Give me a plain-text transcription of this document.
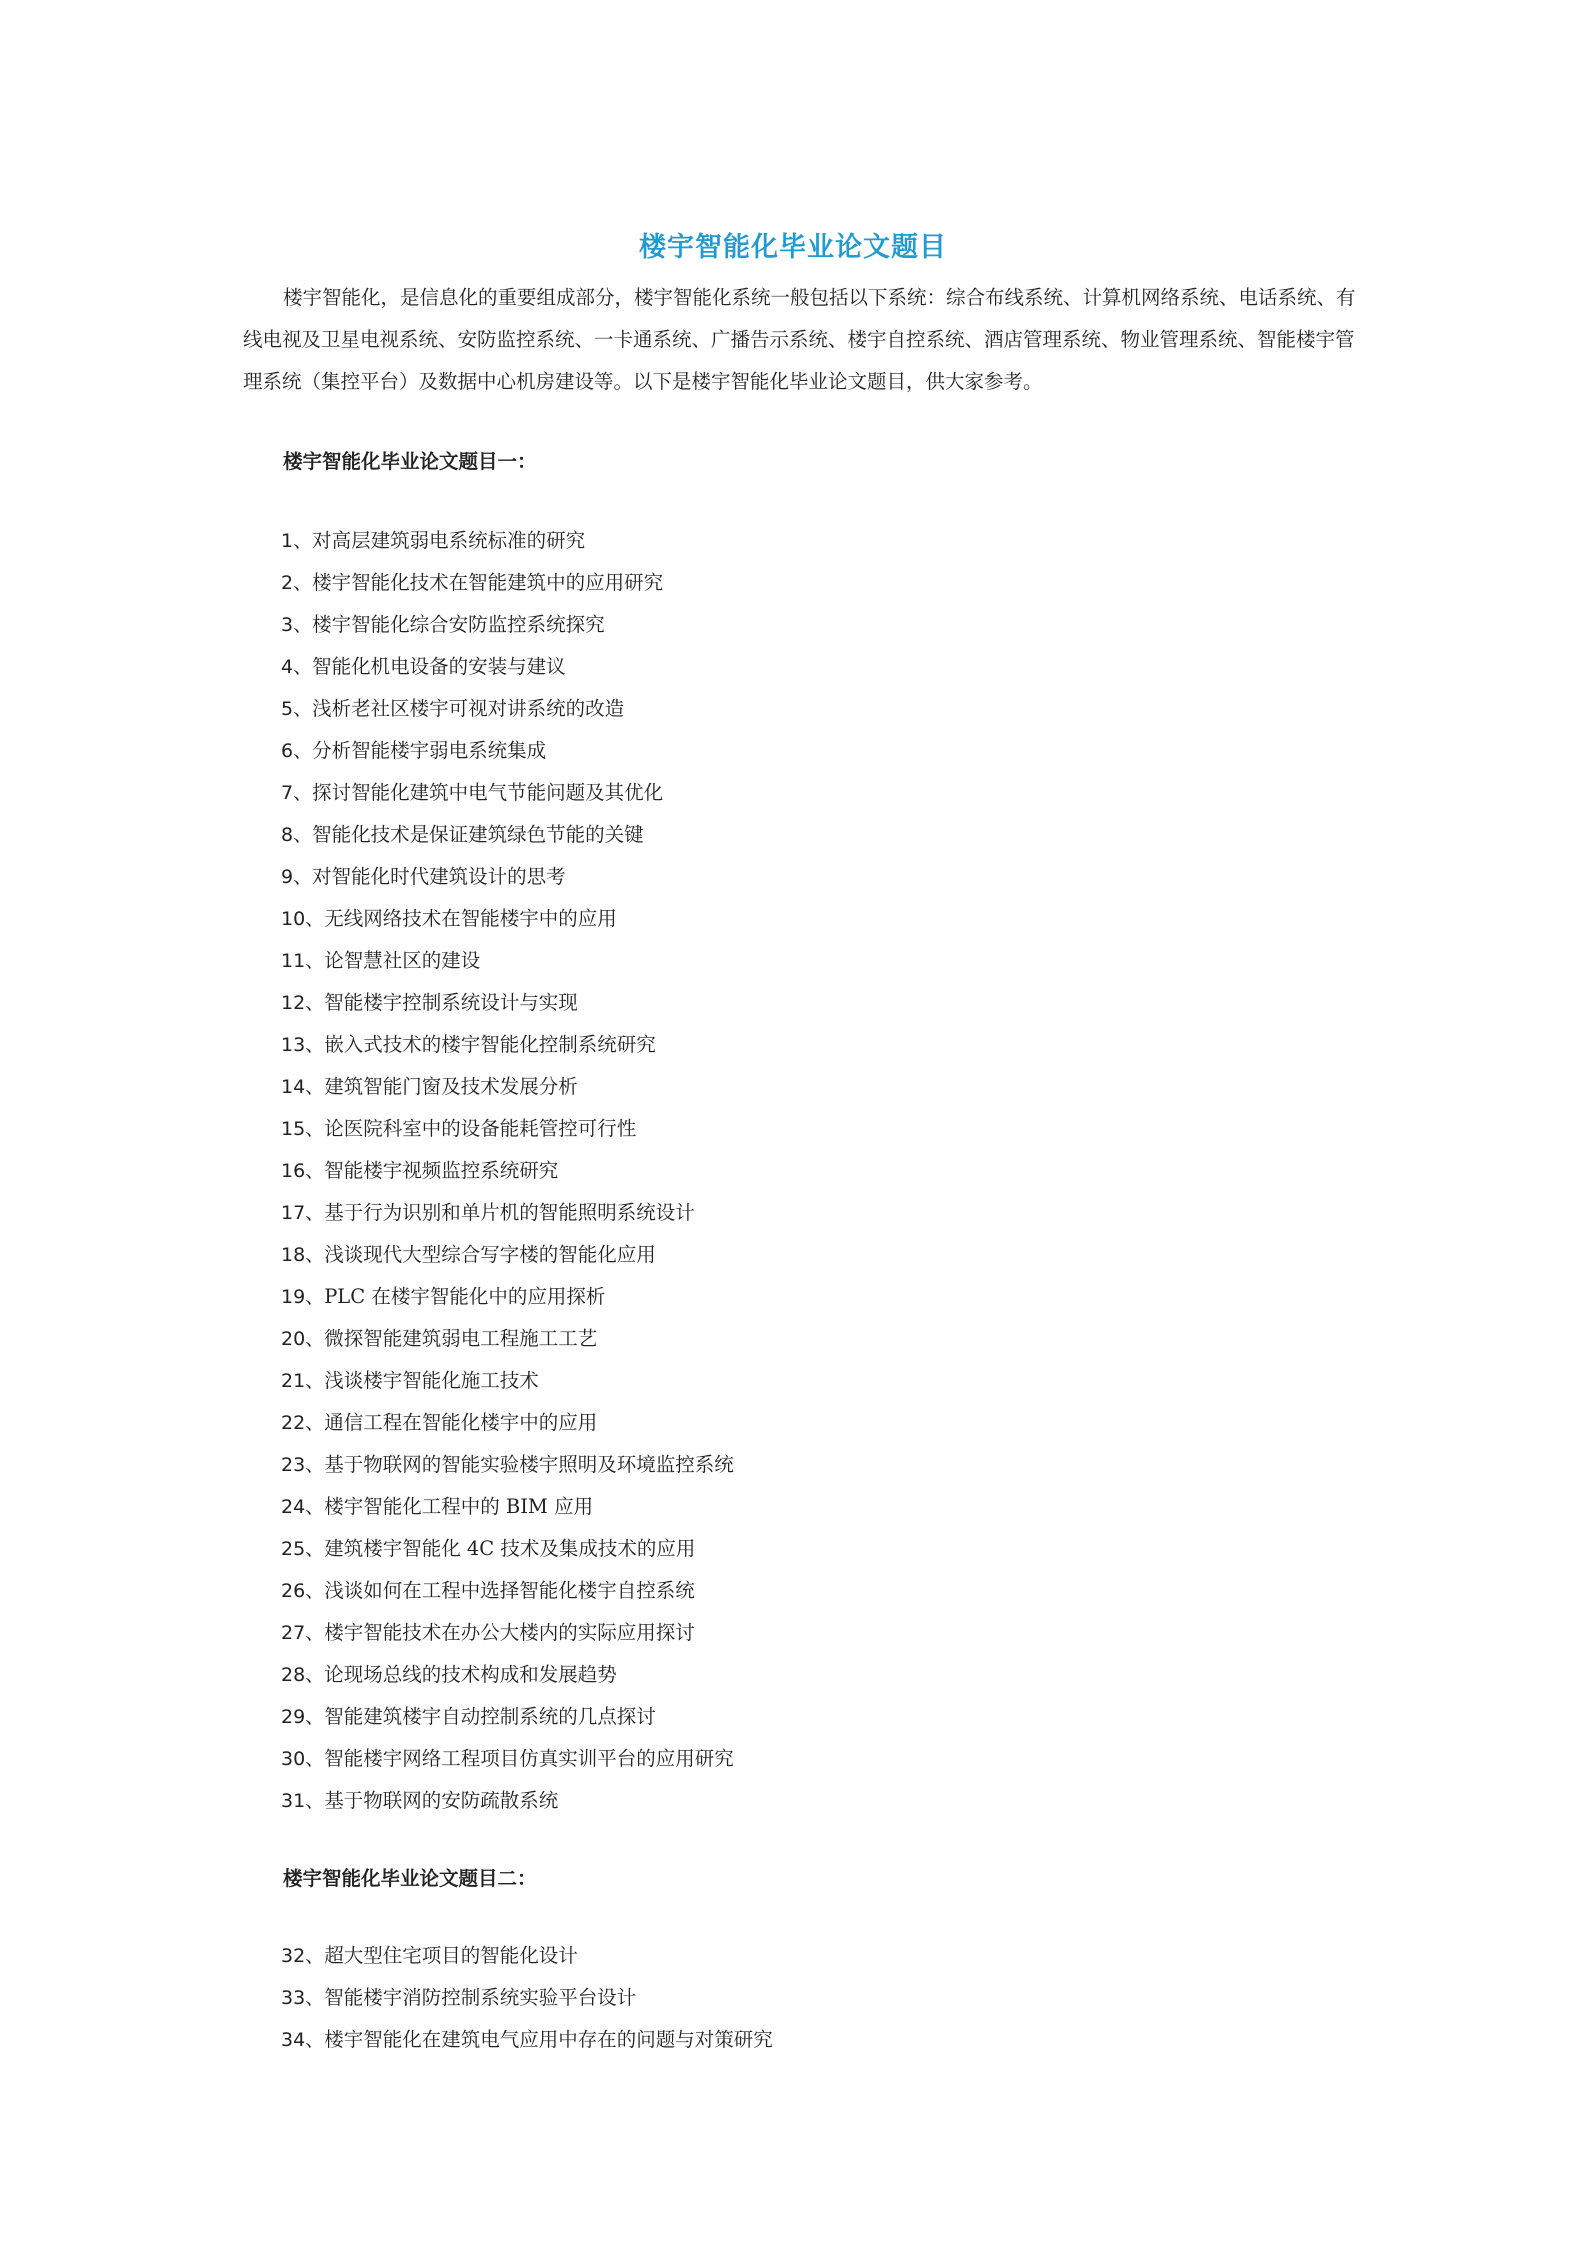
楼宇智能化毕业论文题目

楼宇智能化，是信息化的重要组成部分，楼宇智能化系统一般包括以下系统：综合布线系统、计算机网络系统、电话系统、有线电视及卫星电视系统、安防监控系统、一卡通系统、广播告示系统、楼宇自控系统、酒店管理系统、物业管理系统、智能楼宇管理系统（集控平台）及数据中心机房建设等。以下是楼宇智能化毕业论文题目，供大家参考。

楼宇智能化毕业论文题目一：
1、对高层建筑弱电系统标准的研究
2、楼宇智能化技术在智能建筑中的应用研究
3、楼宇智能化综合安防监控系统探究
4、智能化机电设备的安装与建议
5、浅析老社区楼宇可视对讲系统的改造
6、分析智能楼宇弱电系统集成
7、探讨智能化建筑中电气节能问题及其优化
8、智能化技术是保证建筑绿色节能的关键
9、对智能化时代建筑设计的思考
10、无线网络技术在智能楼宇中的应用
11、论智慧社区的建设
12、智能楼宇控制系统设计与实现
13、嵌入式技术的楼宇智能化控制系统研究
14、建筑智能门窗及技术发展分析
15、论医院科室中的设备能耗管控可行性
16、智能楼宇视频监控系统研究
17、基于行为识别和单片机的智能照明系统设计
18、浅谈现代大型综合写字楼的智能化应用
19、PLC 在楼宇智能化中的应用探析
20、微探智能建筑弱电工程施工工艺
21、浅谈楼宇智能化施工技术
22、通信工程在智能化楼宇中的应用
23、基于物联网的智能实验楼宇照明及环境监控系统
24、楼宇智能化工程中的 BIM 应用
25、建筑楼宇智能化 4C 技术及集成技术的应用
26、浅谈如何在工程中选择智能化楼宇自控系统
27、楼宇智能技术在办公大楼内的实际应用探讨
28、论现场总线的技术构成和发展趋势
29、智能建筑楼宇自动控制系统的几点探讨
30、智能楼宇网络工程项目仿真实训平台的应用研究
31、基于物联网的安防疏散系统
楼宇智能化毕业论文题目二：
32、超大型住宅项目的智能化设计
33、智能楼宇消防控制系统实验平台设计
34、楼宇智能化在建筑电气应用中存在的问题与对策研究
